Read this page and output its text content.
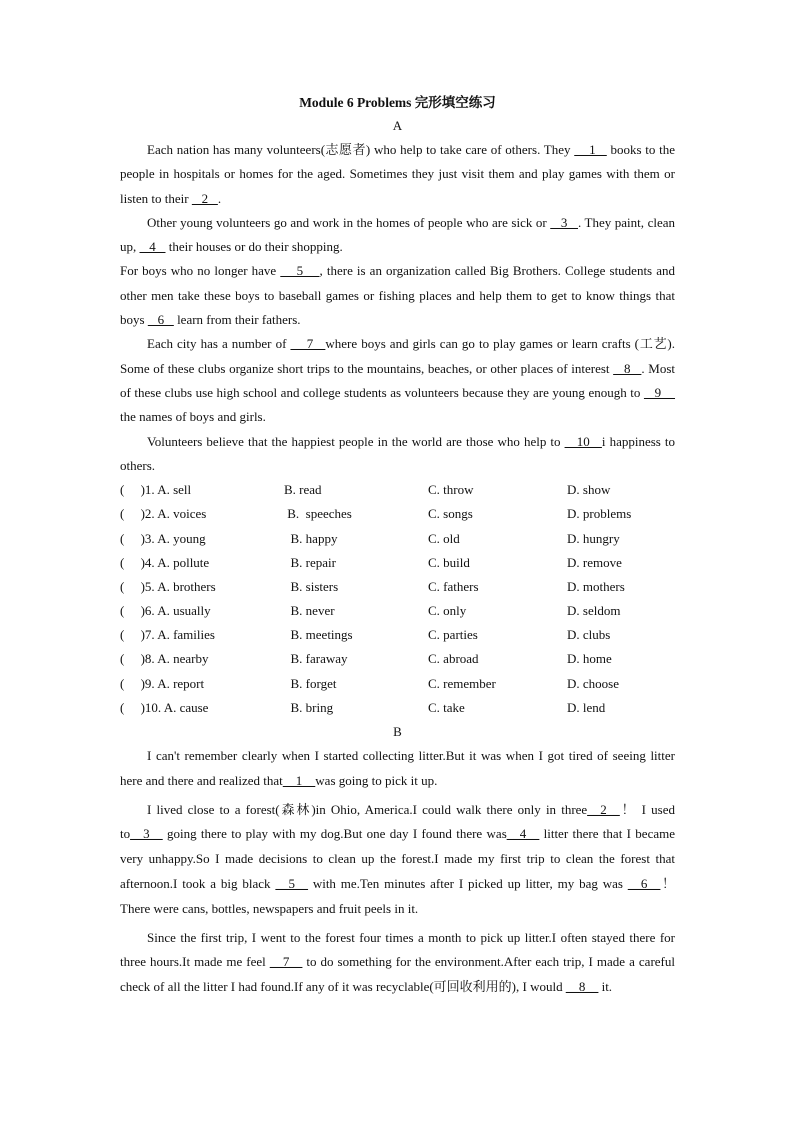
Module 6 Problems 完形填空练习
A

Each nation has many volunteers(志愿者) who help to take care of others. They     1    books to the people in hospitals or homes for the aged. Sometimes they just visit them and play games with them or listen to their    2   .

Other young volunteers go and work in the homes of people who are sick or    3   . They paint, clean up,    4    their houses or do their shopping.

For boys who no longer have     5    , there is an organization called Big Brothers. College students and other men take these boys to baseball games or fishing places and help them to get to know things that boys    6    learn from their fathers.

Each city has a number of     7   where boys and girls can go to play games or learn crafts (工艺). Some of these clubs organize short trips to the mountains, beaches, or other places of interest    8   . Most of these clubs use high school and college students as volunteers because they are young enough to    9     the names of boys and girls.

Volunteers believe that the happiest people in the world are those who help to    10   i happiness to others.

(     )1. A. sell	B. read	C. throw	D. show
(     )2. A. voices	B.  speeches	C. songs	D. problems
(     )3. A. young	B. happy	C. old	D. hungry
(     )4. A. pollute	B. repair	C. build	D. remove
(     )5. A. brothers	B. sisters	C. fathers	D. mothers
(     )6. A. usually	B. never	C. only	D. seldom
(     )7. A. families	B. meetings	C. parties	D. clubs
(     )8. A. nearby	B. faraway	C. abroad	D. home
(     )9. A. report	B. forget	C. remember	D. choose
(     )10. A. cause	B. bring	C. take	D. lend
B

I can't remember clearly when I started collecting litter.But it was when I got tired of seeing litter here and there and realized that    1    was going to pick it up.

I lived close to a forest(森林)in Ohio, America.I could walk there only in three__2__！ I used to__3__ going there to play with my dog.But one day I found there was__4__ litter there that I became very unhappy.So I made decisions to clean up the forest.I made my first trip to clean the forest that afternoon.I took a big black __5__ with me.Ten minutes after I picked up litter, my bag was __6__！ There were cans, bottles, newspapers and fruit peels in it.

Since the first trip, I went to the forest four times a month to pick up litter.I often stayed there for three hours.It made me feel __7__ to do something for the environment.After each trip, I made a careful check of all the litter I had found.If any of it was recyclable(可回收利用的), I would __8__ it.
